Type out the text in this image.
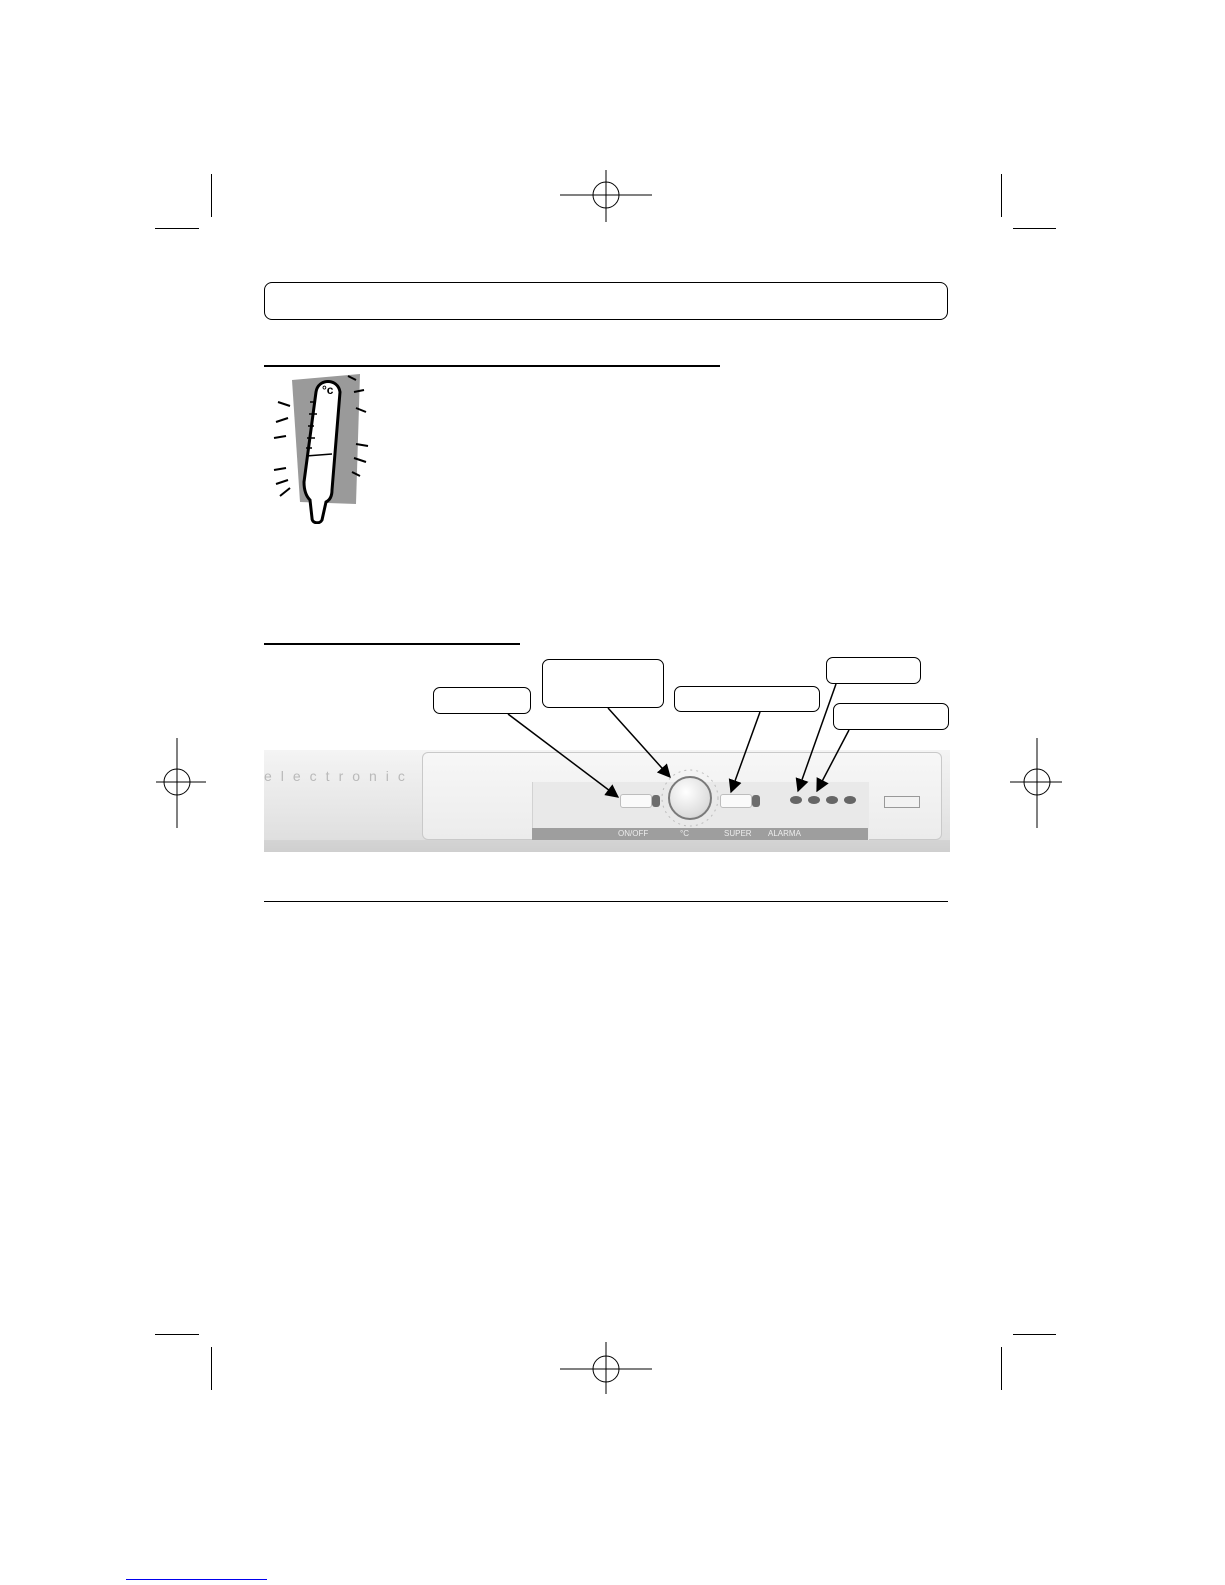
°c
electronic
ON/OFF	°C	SUPER ALARMA
